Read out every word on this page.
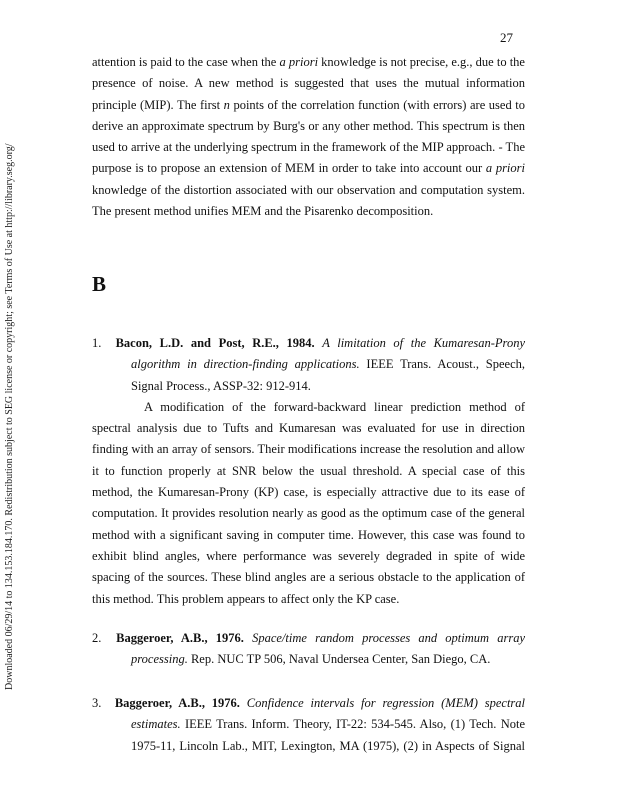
27
Downloaded 06/29/14 to 134.153.184.170. Redistribution subject to SEG license or copyright; see Terms of Use at http://library.seg.org/

attention is paid to the case when the a priori knowledge is not precise, e.g., due to the presence of noise. A new method is suggested that uses the mutual information principle (MIP). The first n points of the correlation function (with errors) are used to derive an approximate spectrum by Burg's or any other method. This spectrum is then used to arrive at the underlying spectrum in the framework of the MIP approach. - The purpose is to propose an extension of MEM in order to take into account our a priori knowledge of the distortion associated with our observation and computation system. The present method unifies MEM and the Pisarenko decomposition.

B

1. Bacon, L.D. and Post, R.E., 1984. A limitation of the Kumaresan-Prony algorithm in direction-finding applications. IEEE Trans. Acoust., Speech, Signal Process., ASSP-32: 912-914.

A modification of the forward-backward linear prediction method of spectral analysis due to Tufts and Kumaresan was evaluated for use in direction finding with an array of sensors. Their modifications increase the resolution and allow it to function properly at SNR below the usual threshold. A special case of this method, the Kumaresan-Prony (KP) case, is especially attractive due to its ease of computation. It provides resolution nearly as good as the optimum case of the general method with a significant saving in computer time. However, this case was found to exhibit blind angles, where performance was severely degraded in spite of wide spacing of the sources. These blind angles are a serious obstacle to the application of this method. This problem appears to affect only the KP case.

2. Baggeroer, A.B., 1976. Space/time random processes and optimum array processing. Rep. NUC TP 506, Naval Undersea Center, San Diego, CA.

3. Baggeroer, A.B., 1976. Confidence intervals for regression (MEM) spectral estimates. IEEE Trans. Inform. Theory, IT-22: 534-545. Also, (1) Tech. Note 1975-11, Lincoln Lab., MIT, Lexington, MA (1975), (2) in Aspects of Signal
